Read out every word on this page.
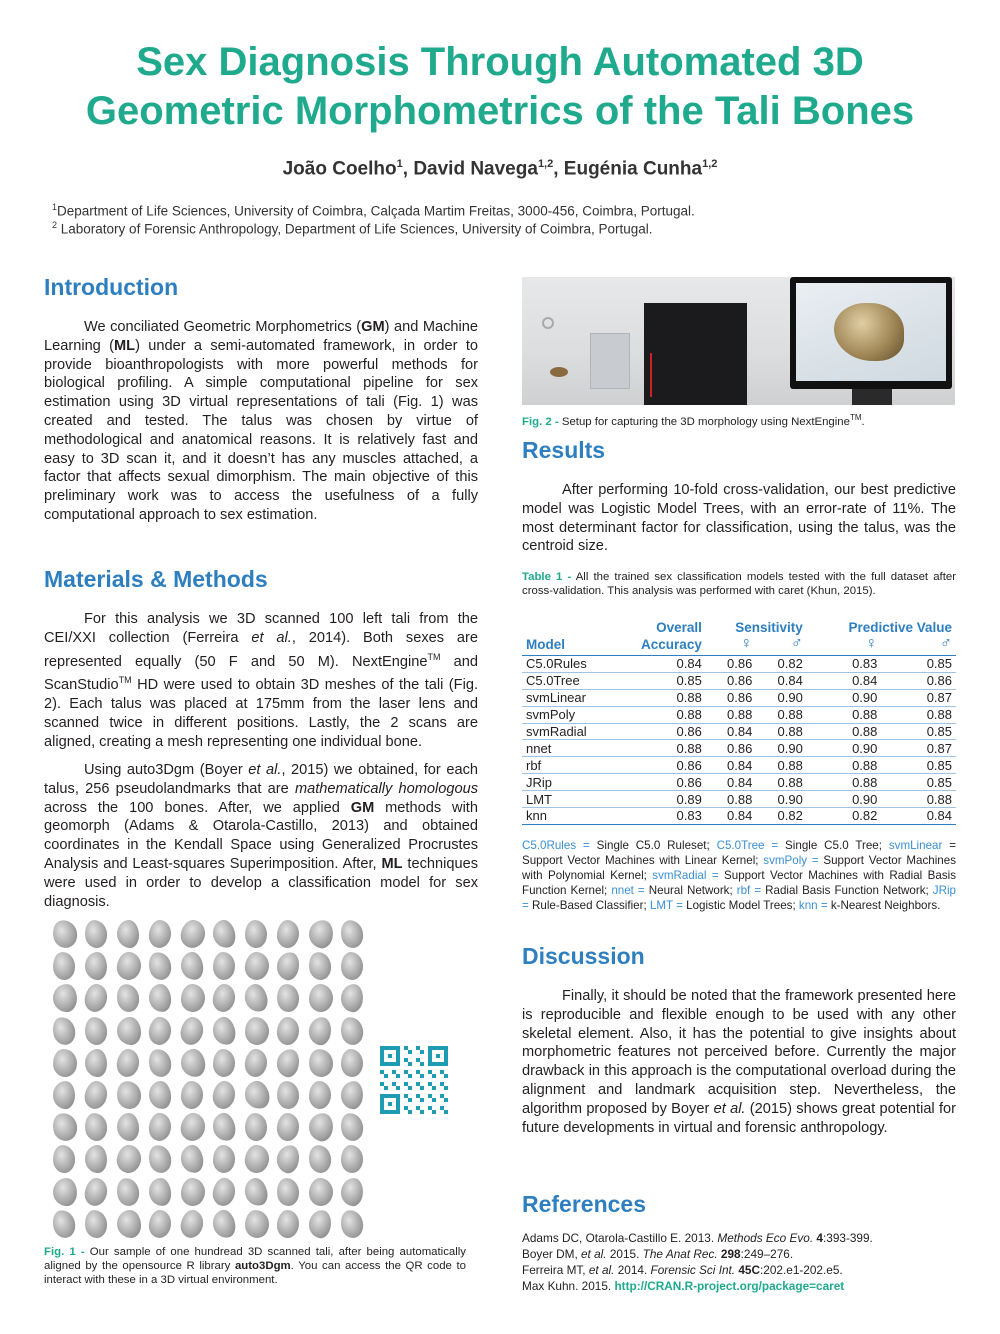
Sex Diagnosis Through Automated 3D
Geometric Morphometrics of the Tali Bones
João Coelho$^1$, David Navega$^{1,2}$, Eugénia Cunha$^{1,2}$
$^1$Department of Life Sciences, University of Coimbra, Calçada Martim Freitas, 3000-456, Coimbra, Portugal.
$^2$ Laboratory of Forensic Anthropology, Department of Life Sciences, University of Coimbra, Portugal.
Introduction
We conciliated Geometric Morphometrics (GM) and Machine Learning (ML) under a semi-automated framework, in order to provide bioanthropologists with more powerful methods for biological profiling. A simple computational pipeline for sex estimation using 3D virtual representations of tali (Fig. 1) was created and tested. The talus was chosen by virtue of methodological and anatomical reasons. It is relatively fast and easy to 3D scan it, and it doesn’t has any muscles attached, a factor that affects sexual dimorphism. The main objective of this preliminary work was to access the usefulness of a fully computational approach to sex estimation.
Materials & Methods
For this analysis we 3D scanned 100 left tali from the CEI/XXI collection (Ferreira et al., 2014). Both sexes are represented equally (50 F and 50 M). NextEngine™ and ScanStudio™ HD were used to obtain 3D meshes of the tali (Fig. 2). Each talus was placed at 175mm from the laser lens and scanned twice in different positions. Lastly, the 2 scans are aligned, creating a mesh representing one individual bone.
Using auto3Dgm (Boyer et al., 2015) we obtained, for each talus, 256 pseudolandmarks that are mathematically homologous across the 100 bones. After, we applied GM methods with geomorph (Adams & Otarola-Castillo, 2013) and obtained coordinates in the Kendall Space using Generalized Procrustes Analysis and Least-squares Superimposition. After, ML techniques were used in order to develop a classification model for sex diagnosis.
Fig. 1 - Our sample of one hundread 3D scanned tali, after being automatically aligned by the opensource R library auto3Dgm. You can access the QR code to interact with these in a 3D virtual environment.
Fig. 2 - Setup for capturing the 3D morphology using NextEngine™.
Results
After performing 10-fold cross-validation, our best predictive model was Logistic Model Trees, with an error-rate of 11%. The most determinant factor for classification, using the talus, was the centroid size.
Table 1 - All the trained sex classification models tested with the full dataset after cross-validation. This analysis was performed with caret (Khun, 2015).
	Overall	Sensitivity		Predictive Value	
Model	Accuracy	♀	♂	♀	♂
C5.0Rules	0.84	0.86	0.82	0.83	0.85
C5.0Tree	0.85	0.86	0.84	0.84	0.86
svmLinear	0.88	0.86	0.90	0.90	0.87
svmPoly	0.88	0.88	0.88	0.88	0.88
svmRadial	0.86	0.84	0.88	0.88	0.85
nnet	0.88	0.86	0.90	0.90	0.87
rbf	0.86	0.84	0.88	0.88	0.85
JRip	0.86	0.84	0.88	0.88	0.85
LMT	0.89	0.88	0.90	0.90	0.88
knn	0.83	0.84	0.82	0.82	0.84
C5.0Rules = Single C5.0 Ruleset; C5.0Tree = Single C5.0 Tree; svmLinear = Support Vector Machines with Linear Kernel; svmPoly = Support Vector Machines with Polynomial Kernel; svmRadial = Support Vector Machines with Radial Basis Function Kernel; nnet = Neural Network; rbf = Radial Basis Function Network; JRip = Rule-Based Classifier; LMT = Logistic Model Trees; knn = k-Nearest Neighbors.
Discussion
Finally, it should be noted that the framework presented here is reproducible and flexible enough to be used with any other skeletal element. Also, it has the potential to give insights about morphometric features not perceived before. Currently the major drawback in this approach is the computational overload during the alignment and landmark acquisition step. Nevertheless, the algorithm proposed by Boyer et al. (2015) shows great potential for future developments in virtual and forensic anthropology.
References
Adams DC, Otarola-Castillo E. 2013. Methods Eco Evo. 4:393-399.
Boyer DM, et al. 2015. The Anat Rec. 298:249–276.
Ferreira MT, et al. 2014. Forensic Sci Int. 45C:202.e1-202.e5.
Max Kuhn. 2015. http://CRAN.R-project.org/package=caret
